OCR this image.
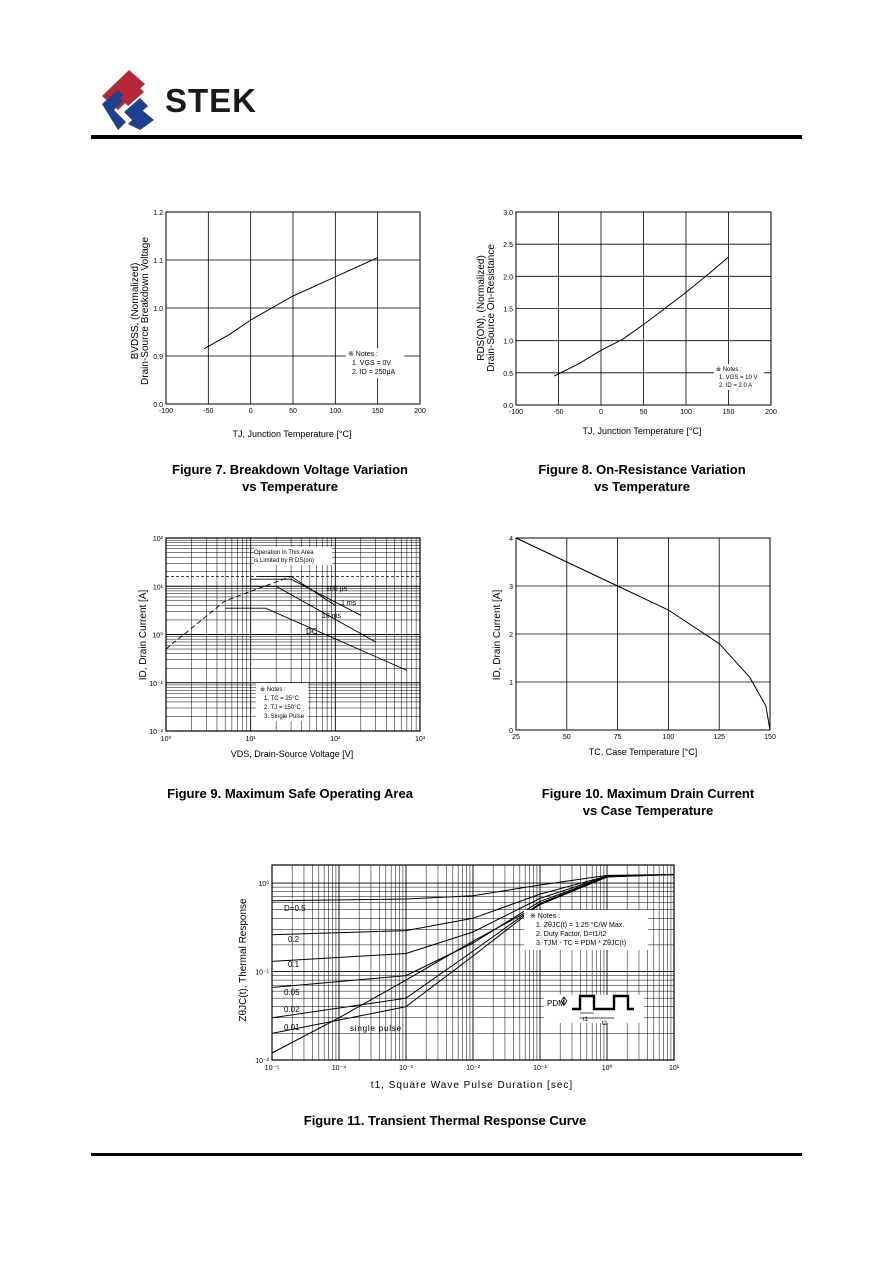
STEK
BVDSS, (Normalized) Drain-Source Breakdown Voltage
TJ, Junction Temperature [°C]
-100	-50	0	50	100	150	200
0.0
0.9
1.0
1.1
1.2
※ Notes :
1. VGS = 0V
2. ID = 250μA
Figure 7. Breakdown Voltage Variation
vs Temperature
RDS(ON), (Normalized) Drain-Source On-Resistance
TJ, Junction Temperature [°C]
-100	-50	0	50	100	150	200
0.0
0.5
1.0
1.5
2.0
2.5
3.0
※ Notes :
1. VGS = 10 V
2. ID = 2.0 A
Figure 8. On-Resistance Variation
vs Temperature
10⁰	10¹	10²	10³
10²
10¹
10⁰
10⁻¹
10⁻²
ID, Drain Current [A]
VDS, Drain-Source Voltage [V]
Operation in This Area
is Limited by R DS(on)
100 μs
1 ms
10 ms
DC
※ Notes :
1. TC = 25°C
2. TJ = 150°C
3. Single Pulse
Figure 9. Maximum Safe Operating Area
ID, Drain Current [A]
TC, Case Temperature [°C]
25	50	75	100	125	150
0
1
2
3
4
Figure 10. Maximum Drain Current
vs Case Temperature
ZθJC(t), Thermal Response
t1, Square Wave Pulse Duration [sec]
10⁻⁵	10⁻⁴	10⁻³	10⁻²	10⁻¹	10⁰	10¹
10⁰
10⁻¹
10⁻²
D=0.5
0.2
0.1
0.05
0.02
0.01	single pulse
※ Notes :
1. ZθJC(t) = 1.25 °C/W Max.
2. Duty Factor, D=t1/t2
3. TJM - TC = PDM * ZθJC(t)
PDM
t1
t2
Figure 11. Transient Thermal Response Curve
